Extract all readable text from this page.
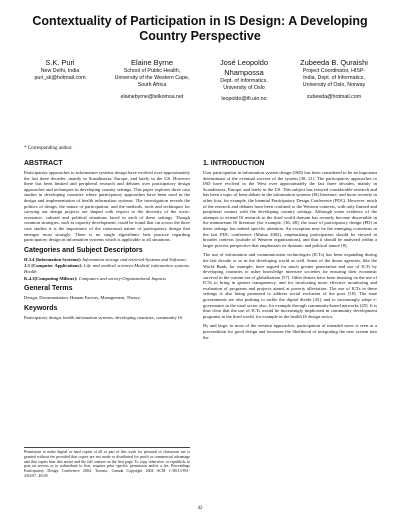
Contextuality of Participation in IS Design: A Developing Country Perspective
S.K. Puri
New Delhi, India
puri_sk@hotmail.com
Elaine Byrne
School of Public Health,
University of the Western Cape,
South Africa
elainebyrne@telkomsa.net
José Leopoldo Nhampossa
Dept. of Informatics,
University of Oslo
leopoldo@ifi.uio.no
Zubeeda B. Quraishi
Project Coordinator, HISP-
India, Dept. of Informatics,
University of Oslo, Norway
zubeeda@hotmail.com
* Corresponding author.
ABSTRACT

Participatory approaches to information systems design have evolved over approximately the last three decades, mainly in Scandinavia, Europe, and lately in the US. However there has been limited and peripheral research and debates over participatory design approaches and techniques in developing country settings. This paper explores three case studies in developing countries where participatory approaches have been used in the design and implementation of health information systems. The investigation reveals the politics of design, the nature of participation, and the methods, tools and techniques for carrying out design projects are shaped with respect to the diversity of the socio-economic, cultural and political situations faced in each of these settings. Though common strategies, such as capacity development, could be found that cut across the three case studies it is the importance of the contextual nature of participatory design that emerges most strongly. There is no single algorithmic best practice regarding participatory design in information systems which is applicable to all situations.

Categories and Subject Descriptors
H.3.4 [Information Systems]: Information storage and retrieval-Systems and Software;
J.3 [Computer Applications]: Life and medical sciences-Medical information systems; Health
K.4.3[Computing Milieux]: Computers and society-Organizational Impacts
General Terms

Design, Documentation, Human Factors, Management, Theory.

Keywords

Participatory design, health information systems, developing countries, community IS.

Permission to make digital or hard copies of all or part of this work for personal or classroom use is granted without fee provided that copies are not made or distributed for profit or commercial advantage and that copies bear this notice and the full citation on the first page. To copy otherwise, or republish, to post on servers or to redistribute to lists, requires prior specific permission and/or a fee. Proceedings Participatory Design Conference 2004, Toronto, Canada Copyright 2004 ACM 1-58113-851-2/04/07...$5.00
1. INTRODUCTION

User participation in information system design (ISD) has been considered to be an important determinant of the eventual success of the system [38, 21]. The participatory approaches to ISD have evolved in the West over approximately the last three decades, mainly in Scandinavia, Europe, and lately in the US. This subject has evinced considerable research and has been a topic of keen debate in the information systems (IS) literature, and more recently in other fora, for example, the biennial Participatory Design Conference (PDC). However, much of the research and debates have been confined to the Western contexts, with only limited and peripheral contact with the developing country settings. Although some evidence of the attempts to extend IS research to the third world domain has recently become discernible in the mainstream IS literature (for example, [36, 48], the issue of participatory design (PD) in these settings has indeed specific attention. An exception may be the emerging consensus in the last PDC conference (Mutua 2002), emphasizing participation should be viewed in broader contexts (outside of Western organizations), and that it should be analyzed within a larger process perspective that emphasizes its dynamic and political nature [8].

The use of information and communication technologies (ICTs) has been expanding during the last decade or so in the developing world as well. Some of the donor agencies, like the World Bank, for example, have argued for much greater penetration and use of ICTs by developing countries to usher knowledge intensive societies for ensuring their economic survival in the current era of globalization [57]. Other donors have been insisting on the use of ICTs to bring in greater transparency, and for inculcating more effective monitoring and evaluation of programs and projects aimed at poverty alleviation. The use of ICTs in these settings is also being promoted to address social exclusion of the poor [18]. The state governments are also pushing to tackle the digital divide [43], and to increasingly adopt e-governance in the rural sector also, for example through community-based networks [45]. It is thus clear that the use of ICTs would be increasingly implicated in community development programs in the third world, for example in the health IS design sector.

By and large, in most of the western approaches, participation of intended users is seen as a precondition for good design and increases the likelihood of integrating the new system into the

42
